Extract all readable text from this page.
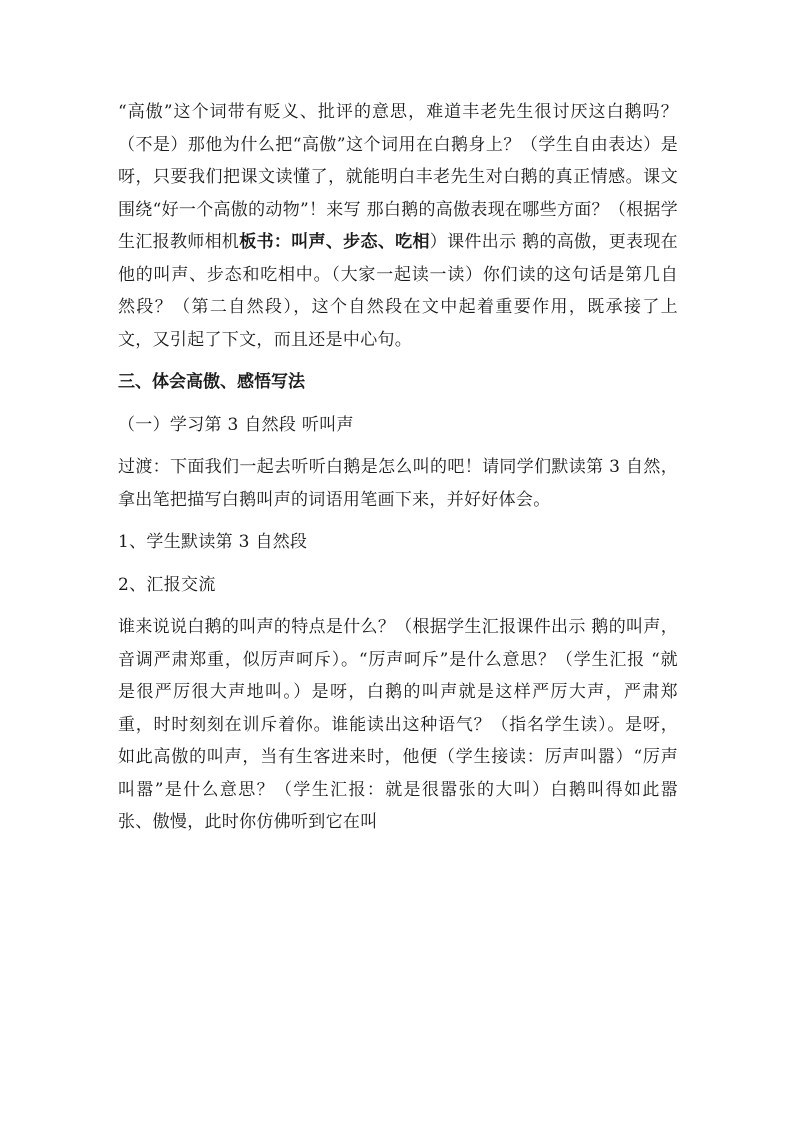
“高傲”这个词带有贬义、批评的意思，难道丰老先生很讨厌这白鹅吗？（不是）那他为什么把“高傲”这个词用在白鹅身上？（学生自由表达）是呀，只要我们把课文读懂了，就能明白丰老先生对白鹅的真正情感。课文围绕“好一个高傲的动物”！来写 那白鹅的高傲表现在哪些方面？（根据学生汇报教师相机板书：叫声、步态、吃相）课件出示 鹅的高傲，更表现在他的叫声、步态和吃相中。（大家一起读一读）你们读的这句话是第几自然段？（第二自然段），这个自然段在文中起着重要作用，既承接了上文，又引起了下文，而且还是中心句。

三、体会高傲、感悟写法

（一）学习第 3 自然段 听叫声

过渡：下面我们一起去听听白鹅是怎么叫的吧！请同学们默读第 3 自然，拿出笔把描写白鹅叫声的词语用笔画下来，并好好体会。

1、学生默读第 3 自然段

2、汇报交流

谁来说说白鹅的叫声的特点是什么？（根据学生汇报课件出示 鹅的叫声，音调严肃郑重，似厉声呵斥）。“厉声呵斥”是什么意思？（学生汇报 “就是很严厉很大声地叫。）是呀，白鹅的叫声就是这样严厉大声，严肃郑重，时时刻刻在训斥着你。谁能读出这种语气？（指名学生读）。是呀，如此高傲的叫声，当有生客进来时，他便（学生接读：厉声叫嚣）“厉声叫嚣”是什么意思？（学生汇报：就是很嚣张的大叫）白鹅叫得如此嚣张、傲慢，此时你仿佛听到它在叫
